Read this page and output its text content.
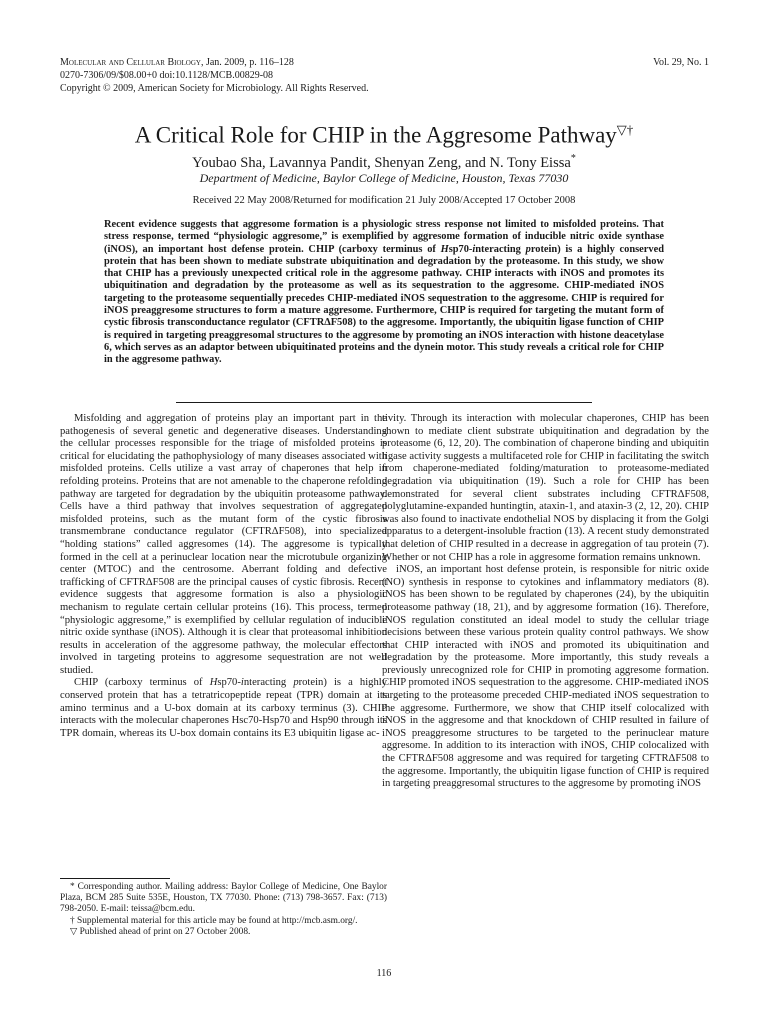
Molecular and Cellular Biology, Jan. 2009, p. 116–128
0270-7306/09/$08.00+0 doi:10.1128/MCB.00829-08
Copyright © 2009, American Society for Microbiology. All Rights Reserved.
Vol. 29, No. 1
A Critical Role for CHIP in the Aggresome Pathway▽†
Youbao Sha, Lavannya Pandit, Shenyan Zeng, and N. Tony Eissa*
Department of Medicine, Baylor College of Medicine, Houston, Texas 77030
Received 22 May 2008/Returned for modification 21 July 2008/Accepted 17 October 2008
Recent evidence suggests that aggresome formation is a physiologic stress response not limited to misfolded proteins. That stress response, termed “physiologic aggresome,” is exemplified by aggresome formation of inducible nitric oxide synthase (iNOS), an important host defense protein. CHIP (carboxy terminus of Hsp70-interacting protein) is a highly conserved protein that has been shown to mediate substrate ubiquitination and degradation by the proteasome. In this study, we show that CHIP has a previously unexpected critical role in the aggresome pathway. CHIP interacts with iNOS and promotes its ubiquitination and degradation by the proteasome as well as its sequestration to the aggresome. CHIP-mediated iNOS targeting to the proteasome sequentially precedes CHIP-mediated iNOS sequestration to the aggresome. CHIP is required for iNOS preaggresome structures to form a mature aggresome. Furthermore, CHIP is required for targeting the mutant form of cystic fibrosis transconductance regulator (CFTRΔF508) to the aggresome. Importantly, the ubiquitin ligase function of CHIP is required in targeting preaggresomal structures to the aggresome by promoting an iNOS interaction with histone deacetylase 6, which serves as an adaptor between ubiquitinated proteins and the dynein motor. This study reveals a critical role for CHIP in the aggresome pathway.

Misfolding and aggregation of proteins play an important part in the pathogenesis of several genetic and degenerative diseases. Understanding the cellular processes responsible for the triage of misfolded proteins is critical for elucidating the pathophysiology of many diseases associated with misfolded proteins. Cells utilize a vast array of chaperones that help in refolding proteins. Proteins that are not amenable to the chaperone refolding pathway are targeted for degradation by the ubiquitin proteasome pathway. Cells have a third pathway that involves sequestration of aggregated misfolded proteins, such as the mutant form of the cystic fibrosis transmembrane conductance regulator (CFTRΔF508), into specialized “holding stations” called aggresomes (14). The aggresome is typically formed in the cell at a perinuclear location near the microtubule organizing center (MTOC) and the centrosome. Aberrant folding and defective trafficking of CFTRΔF508 are the principal causes of cystic fibrosis. Recent evidence suggests that aggresome formation is also a physiologic mechanism to regulate certain cellular proteins (16). This process, termed “physiologic aggresome,” is exemplified by cellular regulation of inducible nitric oxide synthase (iNOS). Although it is clear that proteasomal inhibition results in acceleration of the aggresome pathway, the molecular effectors involved in targeting proteins to aggresome sequestration are not well studied.

CHIP (carboxy terminus of Hsp70-interacting protein) is a highly conserved protein that has a tetratricopeptide repeat (TPR) domain at its amino terminus and a U-box domain at its carboxy terminus (3). CHIP interacts with the molecular chaperones Hsc70-Hsp70 and Hsp90 through its TPR domain, whereas its U-box domain contains its E3 ubiquitin ligase ac-

* Corresponding author. Mailing address: Baylor College of Medicine, One Baylor Plaza, BCM 285 Suite 535E, Houston, TX 77030. Phone: (713) 798-3657. Fax: (713) 798-2050. E-mail: teissa@bcm.edu.

† Supplemental material for this article may be found at http://mcb.asm.org/.

▽ Published ahead of print on 27 October 2008.

tivity. Through its interaction with molecular chaperones, CHIP has been shown to mediate client substrate ubiquitination and degradation by the proteasome (6, 12, 20). The combination of chaperone binding and ubiquitin ligase activity suggests a multifaceted role for CHIP in facilitating the switch from chaperone-mediated folding/maturation to proteasome-mediated degradation via ubiquitination (19). Such a role for CHIP has been demonstrated for several client substrates including CFTRΔF508, polyglutamine-expanded huntingtin, ataxin-1, and ataxin-3 (2, 12, 20). CHIP was also found to inactivate endothelial NOS by displacing it from the Golgi apparatus to a detergent-insoluble fraction (13). A recent study demonstrated that deletion of CHIP resulted in a decrease in aggregation of tau protein (7). Whether or not CHIP has a role in aggresome formation remains unknown.

iNOS, an important host defense protein, is responsible for nitric oxide (NO) synthesis in response to cytokines and inflammatory mediators (8). iNOS has been shown to be regulated by chaperones (24), by the ubiquitin proteasome pathway (18, 21), and by aggresome formation (16). Therefore, iNOS regulation constituted an ideal model to study the cellular triage decisions between these various protein quality control pathways. We show that CHIP interacted with iNOS and promoted its ubiquitination and degradation by the proteasome. More importantly, this study reveals a previously unrecognized role for CHIP in promoting aggresome formation. CHIP promoted iNOS sequestration to the aggresome. CHIP-mediated iNOS targeting to the proteasome preceded CHIP-mediated iNOS sequestration to the aggresome. Furthermore, we show that CHIP itself colocalized with iNOS in the aggresome and that knockdown of CHIP resulted in failure of iNOS preaggresome structures to be targeted to the perinuclear mature aggresome. In addition to its interaction with iNOS, CHIP colocalized with the CFTRΔF508 aggresome and was required for targeting CFTRΔF508 to the aggresome. Importantly, the ubiquitin ligase function of CHIP is required in targeting preaggresomal structures to the aggresome by promoting iNOS

116
